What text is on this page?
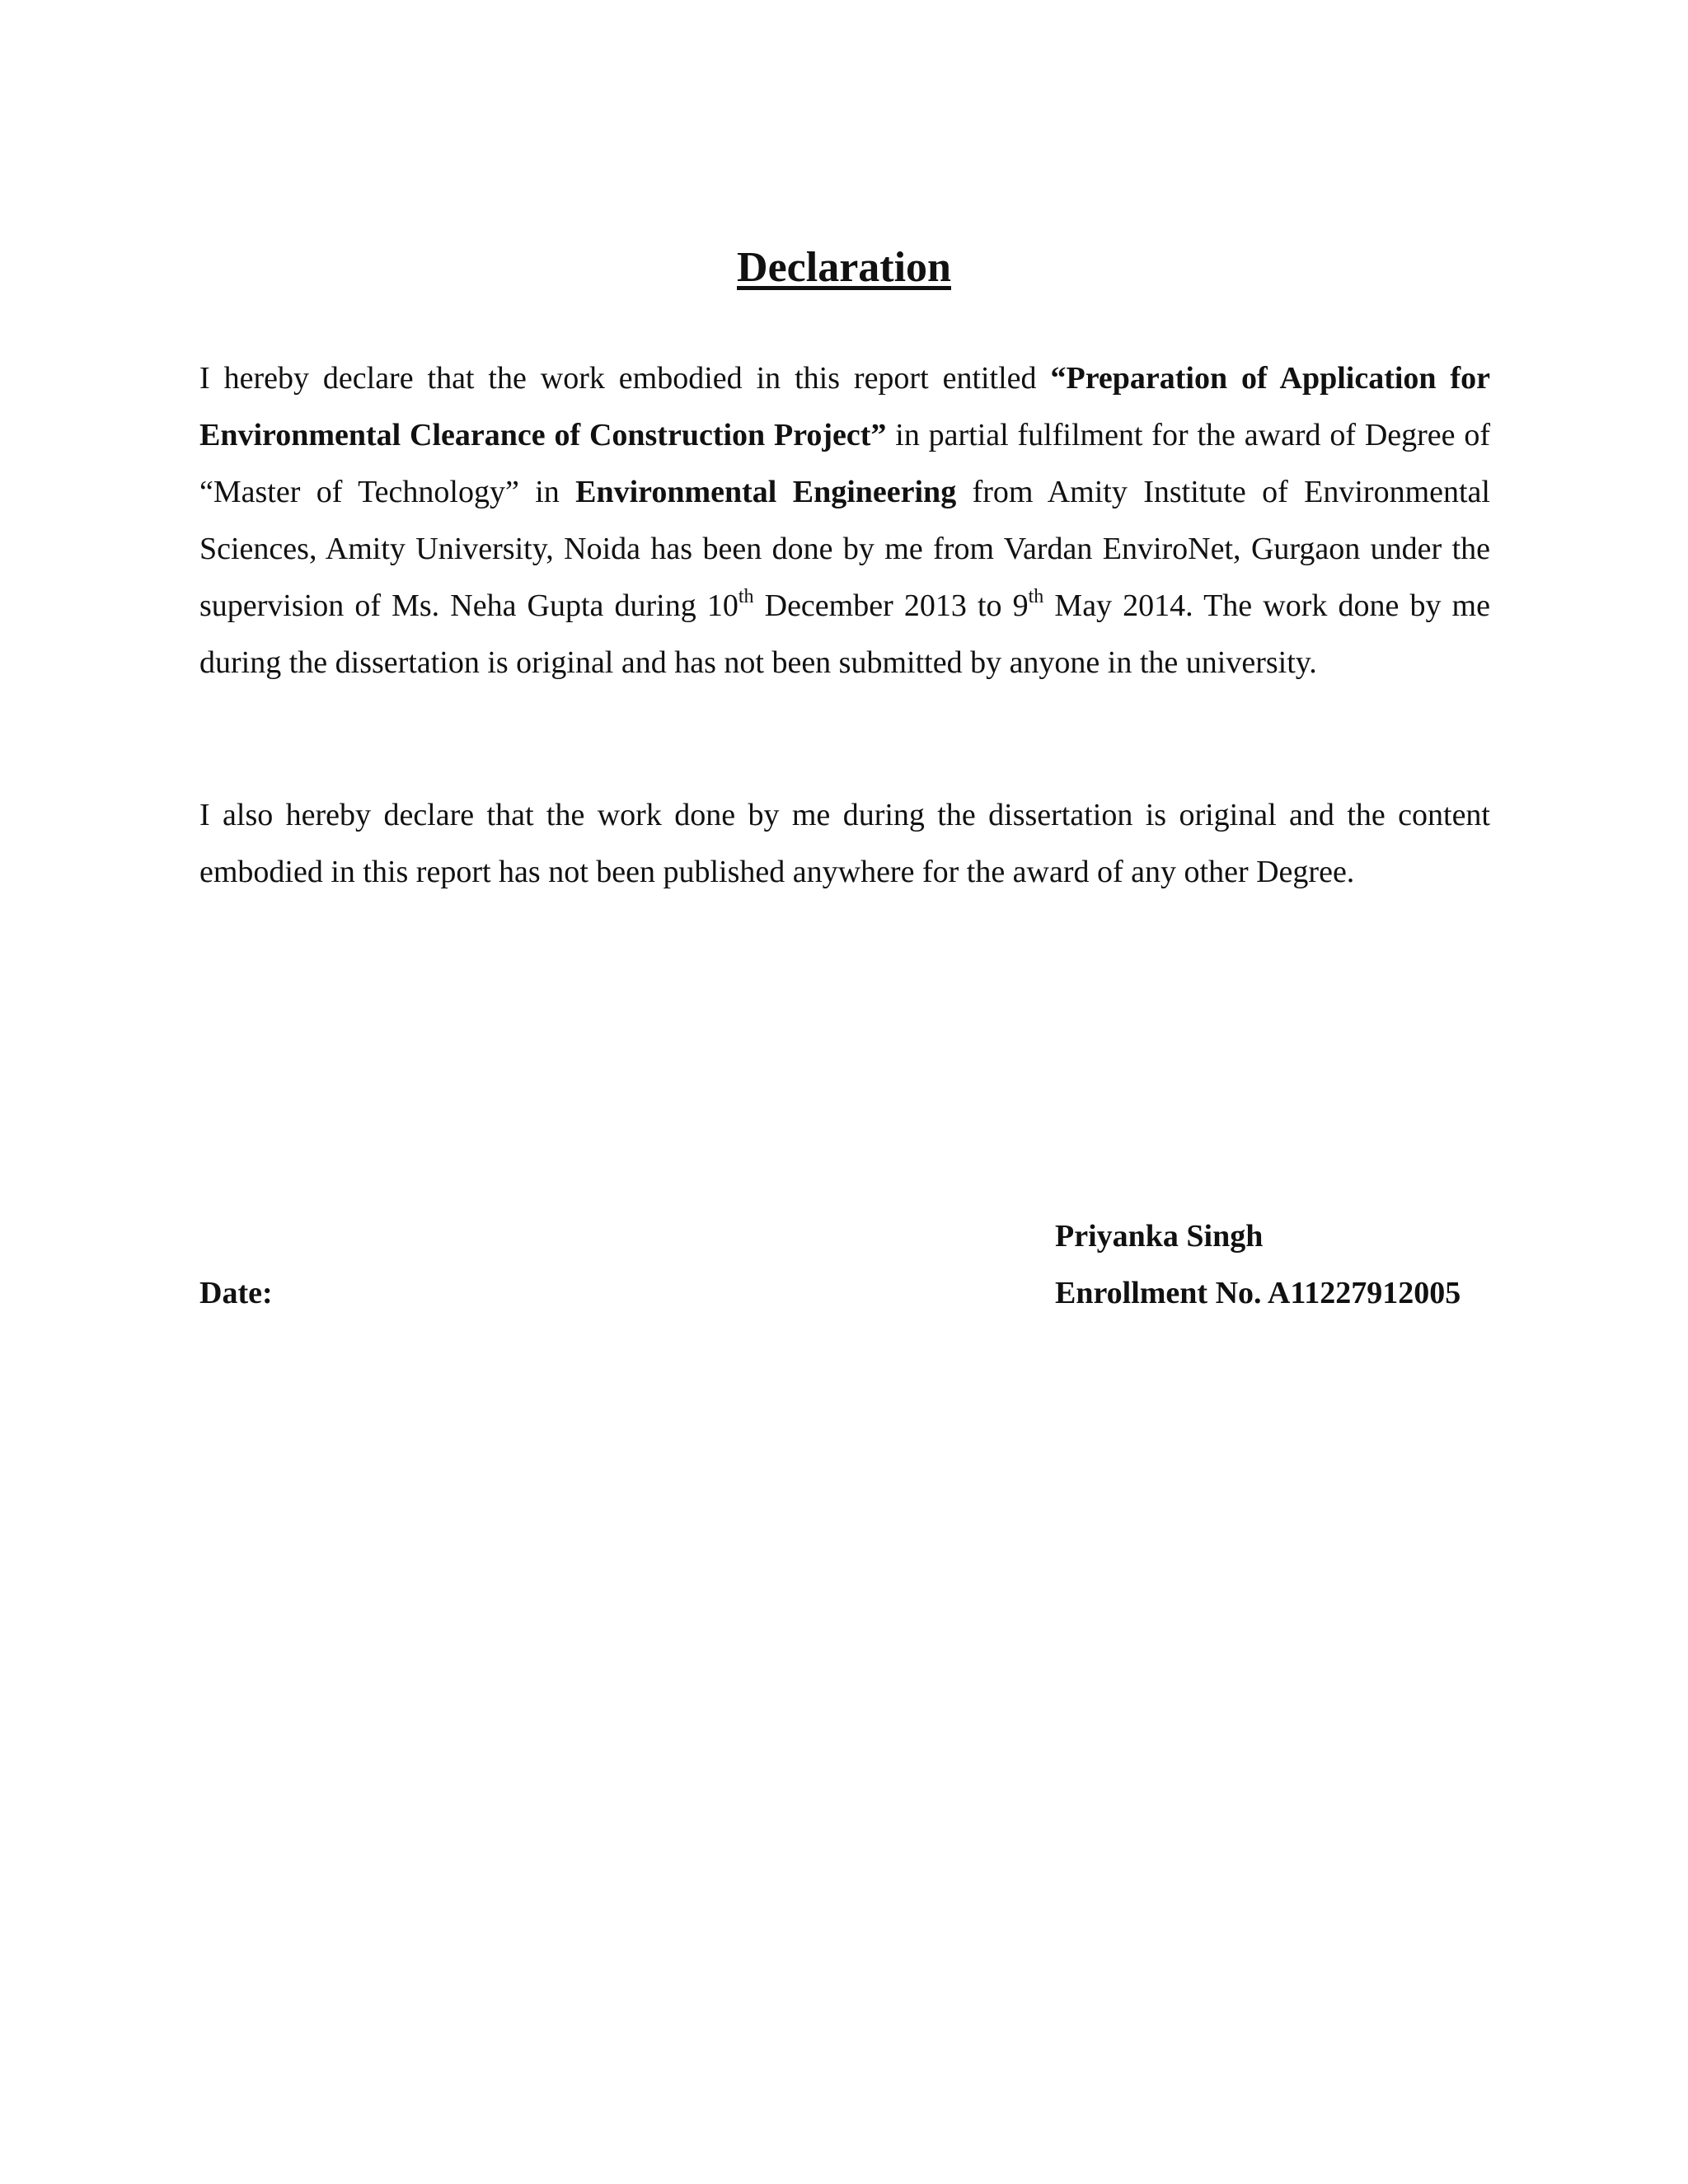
Declaration

I hereby declare that the work embodied in this report entitled “Preparation of Application for Environmental Clearance of Construction Project” in partial fulfilment for the award of Degree of “Master of Technology” in Environmental Engineering from Amity Institute of Environmental Sciences, Amity University, Noida has been done by me from Vardan EnviroNet, Gurgaon under the supervision of Ms. Neha Gupta during 10th December 2013 to 9th May 2014. The work done by me during the dissertation is original and has not been submitted by anyone in the university.

I also hereby declare that the work done by me during the dissertation is original and the content embodied in this report has not been published anywhere for the award of any other Degree.

Priyanka Singh
Date:	Enrollment No. A11227912005
